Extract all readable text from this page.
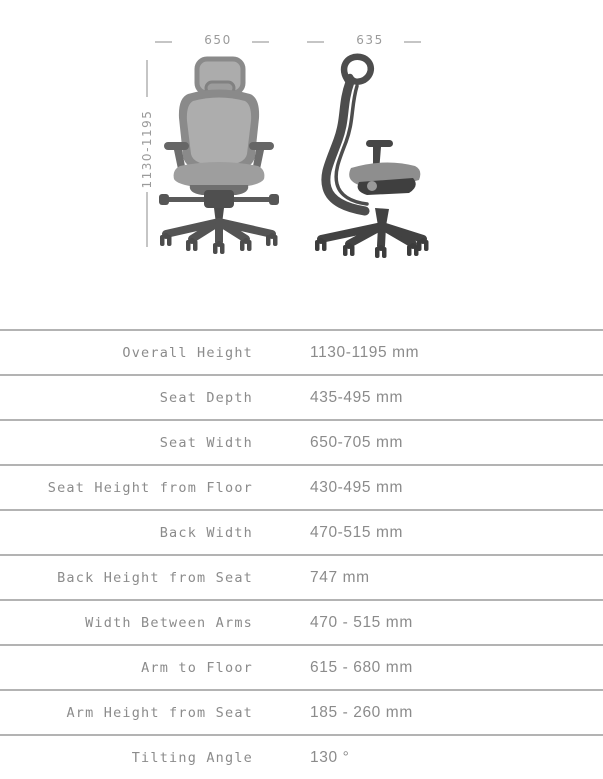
650	635
1130-1195
Overall Height	1130-1195 mm
Seat Depth	435-495 mm
Seat Width	650-705 mm
Seat Height from Floor	430-495 mm
Back Width	470-515 mm
Back Height from Seat	747 mm
Width Between Arms	470 - 515 mm
Arm to Floor	615 - 680 mm
Arm Height from Seat	185 - 260 mm
Tilting Angle	130 °
